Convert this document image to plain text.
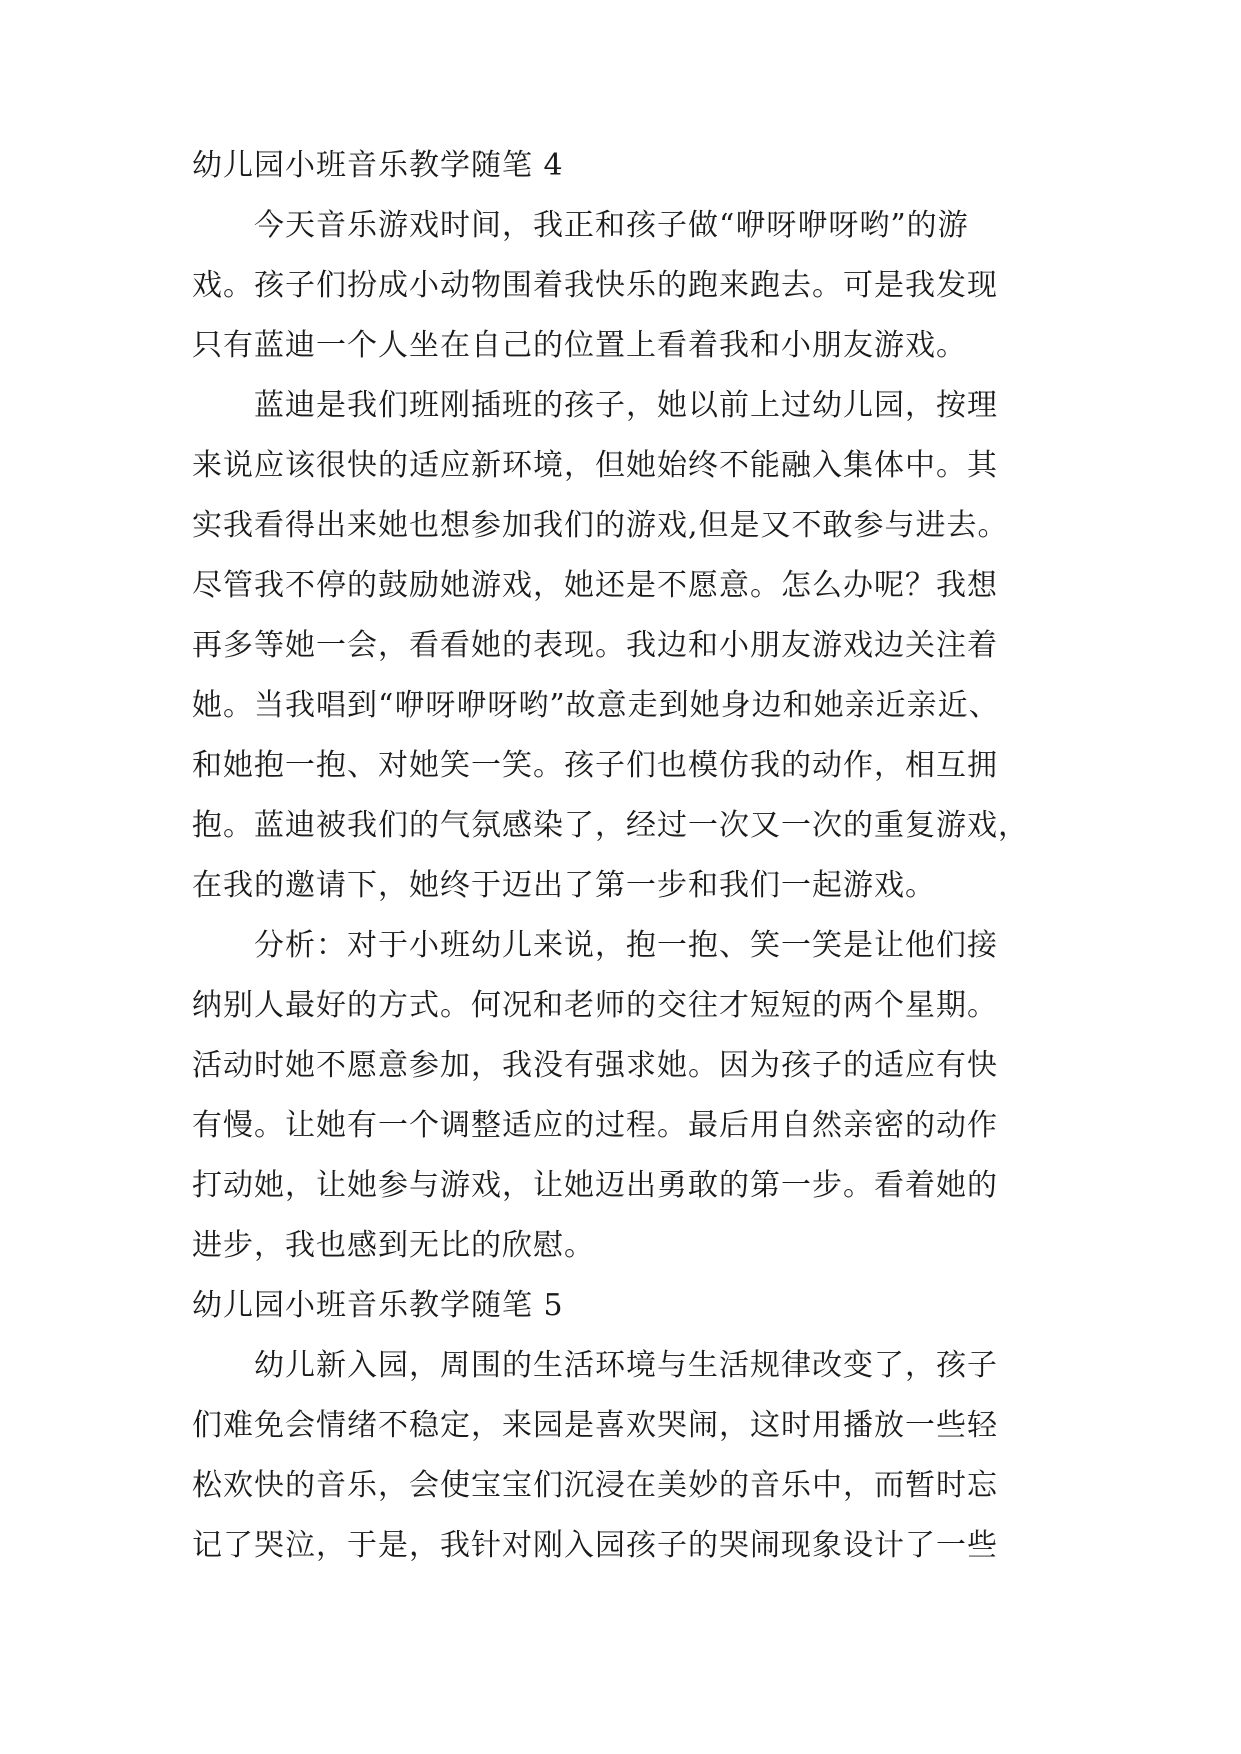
幼儿园小班音乐教学随笔 4
今天音乐游戏时间，我正和孩子做“咿呀咿呀哟”的游
戏。孩子们扮成小动物围着我快乐的跑来跑去。可是我发现
只有蓝迪一个人坐在自己的位置上看着我和小朋友游戏。
蓝迪是我们班刚插班的孩子，她以前上过幼儿园，按理
来说应该很快的适应新环境，但她始终不能融入集体中。其
实我看得出来她也想参加我们的游戏,但是又不敢参与进去。
尽管我不停的鼓励她游戏，她还是不愿意。怎么办呢？我想
再多等她一会，看看她的表现。我边和小朋友游戏边关注着
她。当我唱到“咿呀咿呀哟”故意走到她身边和她亲近亲近、
和她抱一抱、对她笑一笑。孩子们也模仿我的动作，相互拥
抱。蓝迪被我们的气氛感染了，经过一次又一次的重复游戏，
在我的邀请下，她终于迈出了第一步和我们一起游戏。
分析：对于小班幼儿来说，抱一抱、笑一笑是让他们接
纳别人最好的方式。何况和老师的交往才短短的两个星期。
活动时她不愿意参加，我没有强求她。因为孩子的适应有快
有慢。让她有一个调整适应的过程。最后用自然亲密的动作
打动她，让她参与游戏，让她迈出勇敢的第一步。看着她的
进步，我也感到无比的欣慰。
幼儿园小班音乐教学随笔 5
幼儿新入园，周围的生活环境与生活规律改变了，孩子
们难免会情绪不稳定，来园是喜欢哭闹，这时用播放一些轻
松欢快的音乐，会使宝宝们沉浸在美妙的音乐中，而暂时忘
记了哭泣，于是，我针对刚入园孩子的哭闹现象设计了一些
